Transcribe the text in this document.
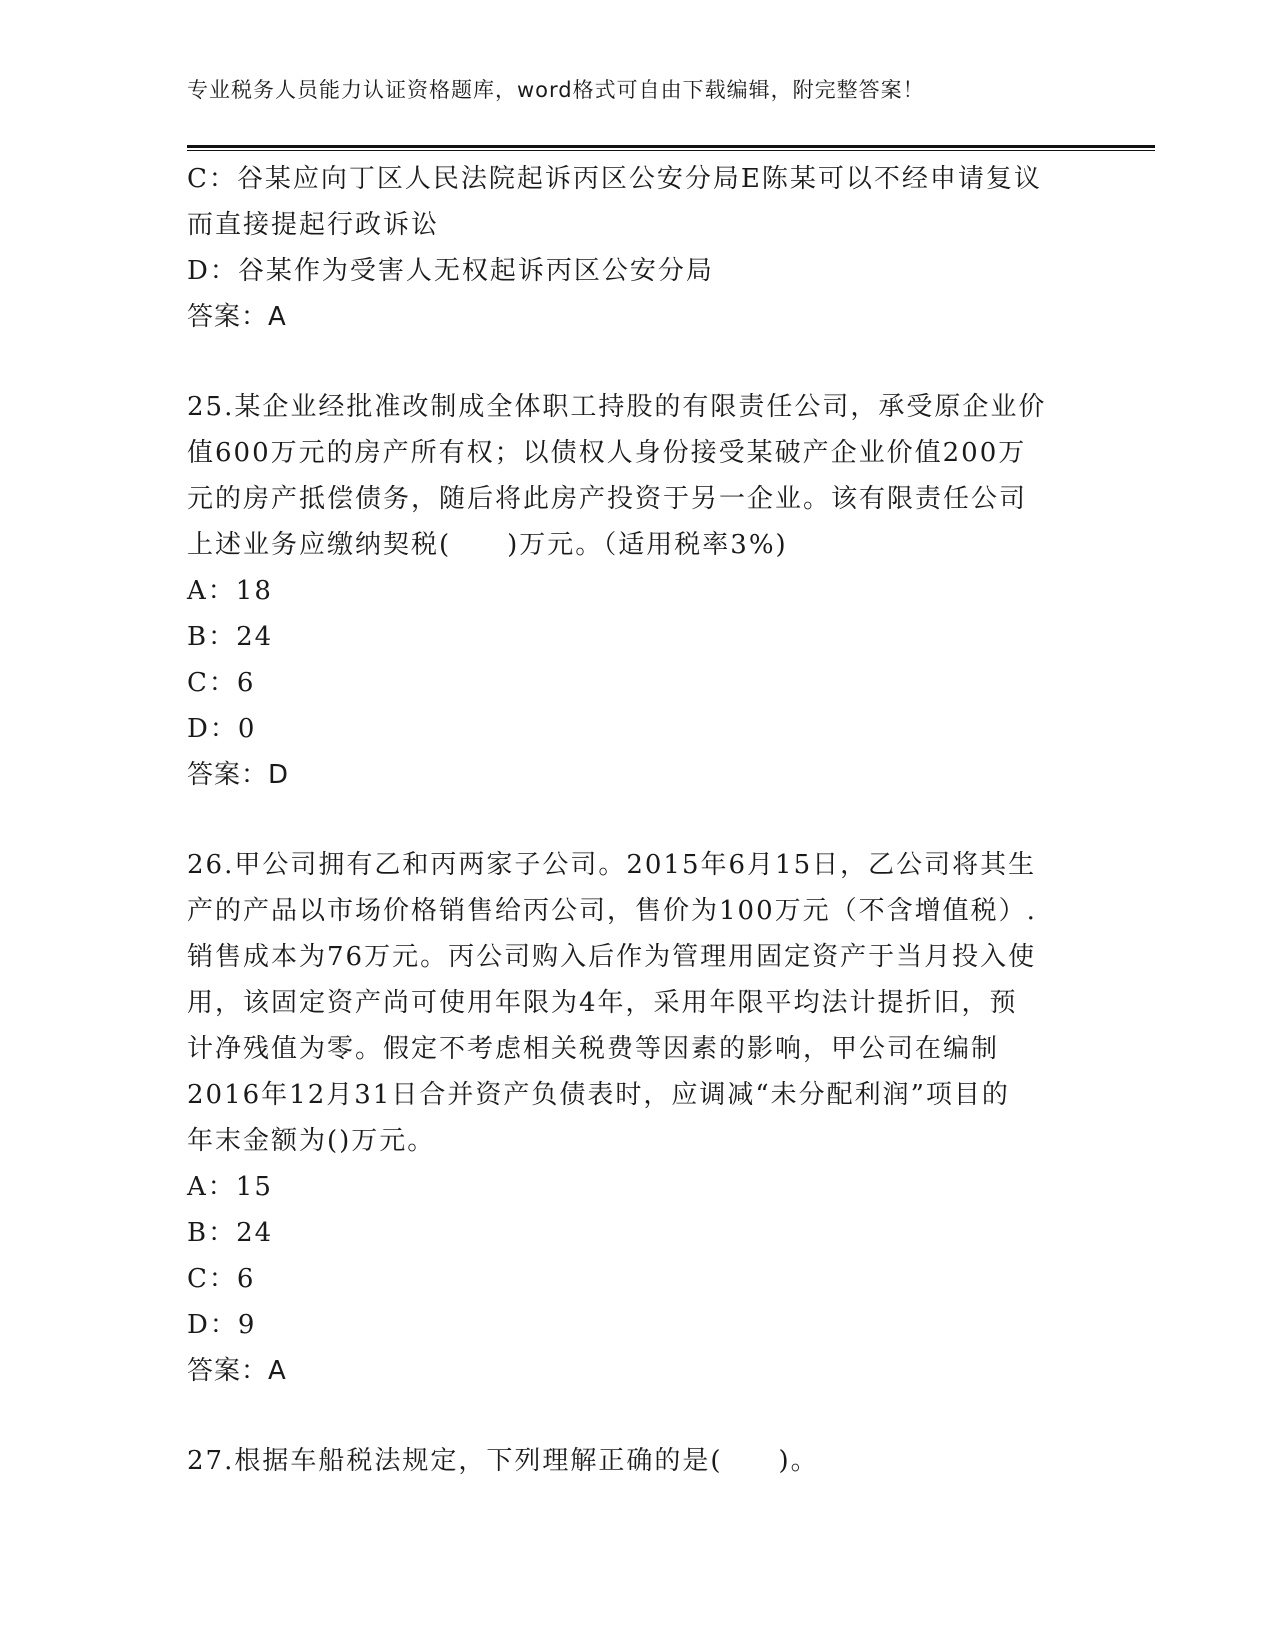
专业税务人员能力认证资格题库，word格式可自由下载编辑，附完整答案！
C：谷某应向丁区人民法院起诉丙区公安分局E陈某可以不经申请复议
而直接提起行政诉讼
D：谷某作为受害人无权起诉丙区公安分局
答案：A
25.某企业经批准改制成全体职工持股的有限责任公司，承受原企业价
值600万元的房产所有权；以债权人身份接受某破产企业价值200万
元的房产抵偿债务，随后将此房产投资于另一企业。该有限责任公司
上述业务应缴纳契税(　　)万元。（适用税率3%)
A：18
B：24
C：6
D：0
答案：D
26.甲公司拥有乙和丙两家子公司。2015年6月15日，乙公司将其生
产的产品以市场价格销售给丙公司，售价为100万元（不含增值税）.
销售成本为76万元。丙公司购入后作为管理用固定资产于当月投入使
用，该固定资产尚可使用年限为4年，采用年限平均法计提折旧，预
计净残值为零。假定不考虑相关税费等因素的影响，甲公司在编制
2016年12月31日合并资产负债表时，应调减“未分配利润”项目的
年末金额为()万元。
A：15
B：24
C：6
D：9
答案：A
27.根据车船税法规定，下列理解正确的是(　　)。
